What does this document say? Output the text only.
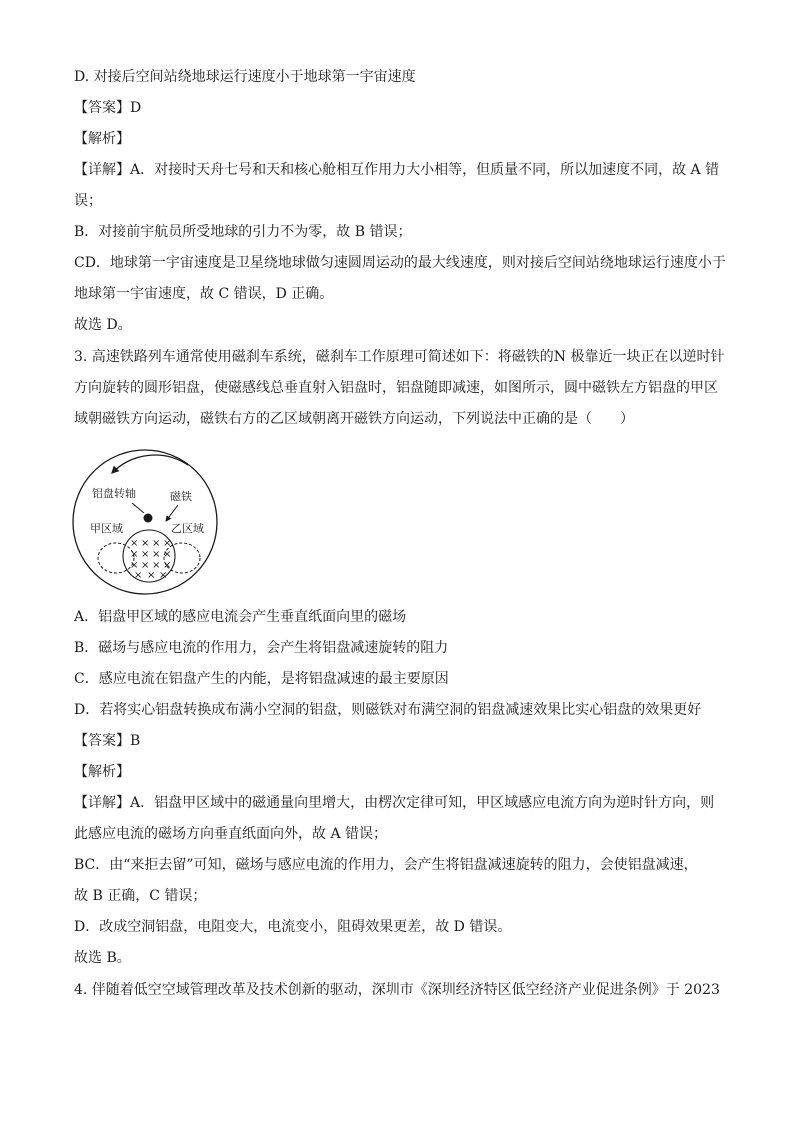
D. 对接后空间站绕地球运行速度小于地球第一宇宙速度
【答案】D
【解析】
【详解】A．对接时天舟七号和天和核心舱相互作用力大小相等，但质量不同，所以加速度不同，故 A 错
误；
B．对接前宇航员所受地球的引力不为零，故 B 错误；
CD．地球第一宇宙速度是卫星绕地球做匀速圆周运动的最大线速度，则对接后空间站绕地球运行速度小于
地球第一宇宙速度，故 C 错误，D 正确。
故选 D。
3. 高速铁路列车通常使用磁刹车系统，磁刹车工作原理可简述如下：将磁铁的N 极靠近一块正在以逆时针
方向旋转的圆形铝盘，使磁感线总垂直射入铝盘时，铝盘随即减速，如图所示，圆中磁铁左方铝盘的甲区
域朝磁铁方向运动，磁铁右方的乙区域朝离开磁铁方向运动，下列说法中正确的是（　　）
铝盘转轴	磁铁
甲区域	乙区域
× × × ×
× × × ×
× × × ×
× × ×
A．铝盘甲区域的感应电流会产生垂直纸面向里的磁场
B．磁场与感应电流的作用力，会产生将铝盘减速旋转的阻力
C．感应电流在铝盘产生的内能，是将铝盘减速的最主要原因
D．若将实心铝盘转换成布满小空洞的铝盘，则磁铁对布满空洞的铝盘减速效果比实心铝盘的效果更好
【答案】B
【解析】
【详解】A．铝盘甲区域中的磁通量向里增大，由楞次定律可知，甲区域感应电流方向为逆时针方向，则
此感应电流的磁场方向垂直纸面向外，故 A 错误；
BC．由“来拒去留”可知，磁场与感应电流的作用力，会产生将铝盘减速旋转的阻力，会使铝盘减速，
故 B 正确，C 错误；
D．改成空洞铝盘，电阻变大，电流变小，阻碍效果更差，故 D 错误。
故选 B。
4. 伴随着低空空域管理改革及技术创新的驱动，深圳市《深圳经济特区低空经济产业促进条例》于 2023
